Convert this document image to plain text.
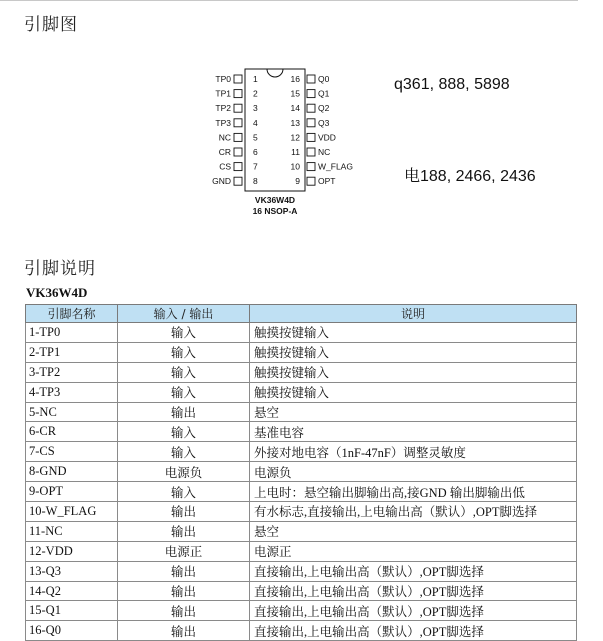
引脚图
TP0	1
TP1	2
TP2	3
TP3	4
NC	5
CR	6
CS	7
GND	8
16 Q0
15 Q1
14 Q2
13 Q3
12 VDD
11 NC
10 W_FLAG
9 OPT
VK36W4D
16 NSOP-A
q361, 888, 5898
电188, 2466, 2436
引脚说明
VK36W4D
引脚名称	输入 / 输出	说明
1-TP0	输入	触摸按键输入
2-TP1	输入	触摸按键输入
3-TP2	输入	触摸按键输入
4-TP3	输入	触摸按键输入
5-NC	输出	悬空
6-CR	输入	基准电容
7-CS	输入	外接对地电容（1nF-47nF）调整灵敏度
8-GND	电源负	电源负
9-OPT	输入	上电时：悬空输出脚输出高,接GND 输出脚输出低
10-W_FLAG	输出	有水标志,直接输出,上电输出高（默认）,OPT脚选择
11-NC	输出	悬空
12-VDD	电源正	电源正
13-Q3	输出	直接输出,上电输出高（默认）,OPT脚选择
14-Q2	输出	直接输出,上电输出高（默认）,OPT脚选择
15-Q1	输出	直接输出,上电输出高（默认）,OPT脚选择
16-Q0	输出	直接输出,上电输出高（默认）,OPT脚选择
